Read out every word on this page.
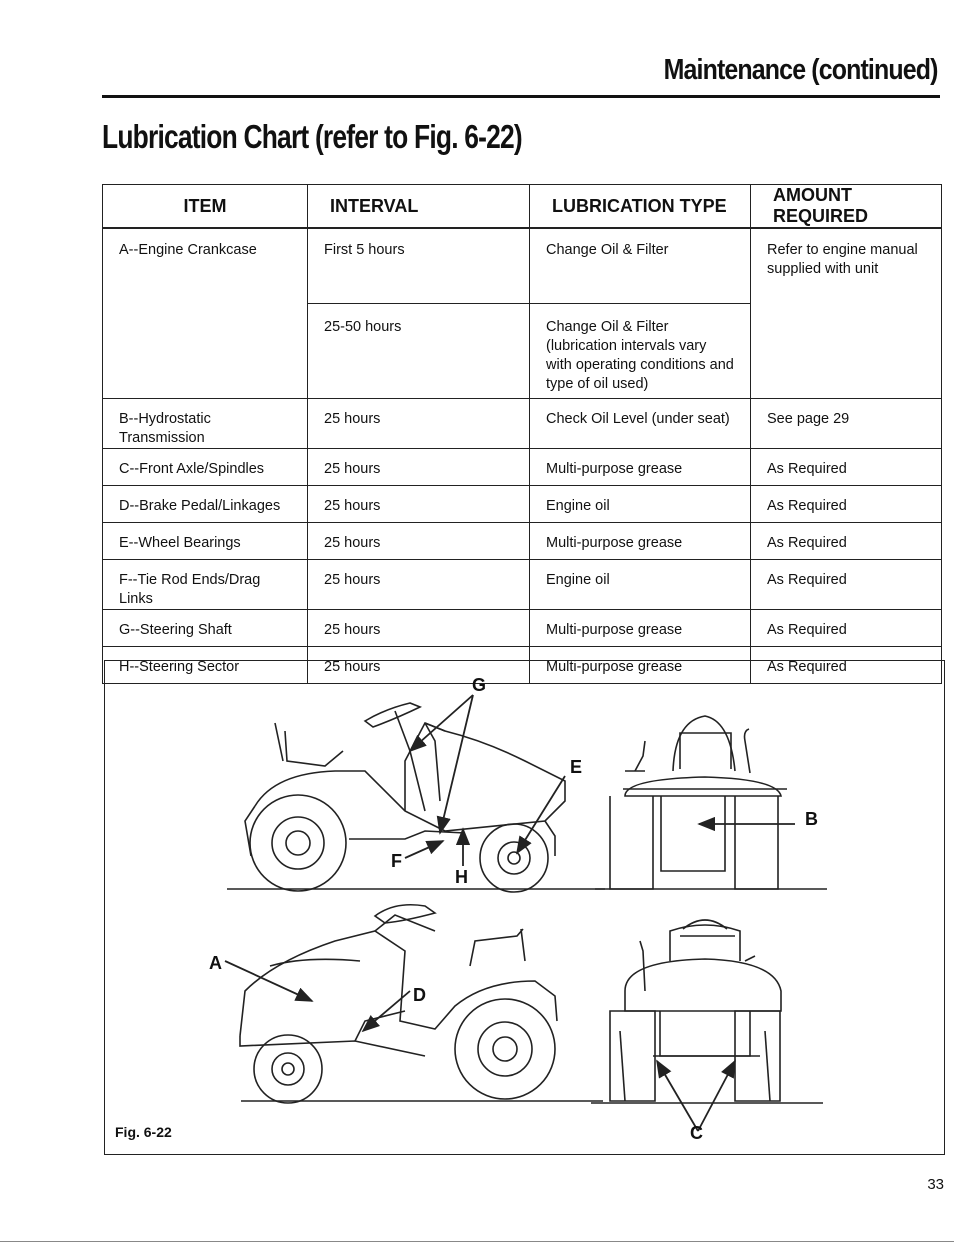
Maintenance (continued)
Lubrication Chart (refer to Fig. 6-22)
ITEM	INTERVAL	LUBRICATION TYPE	AMOUNT REQUIRED
A--Engine Crankcase	First 5 hours	Change Oil & Filter	Refer to engine manual supplied with unit
	25-50 hours	Change Oil & Filter (lubrication intervals vary with operating conditions and type of oil used)	
B--Hydrostatic Transmission	25 hours	Check Oil Level (under seat)	See page 29
C--Front Axle/Spindles	25 hours	Multi-purpose grease	As Required
D--Brake Pedal/Linkages	25 hours	Engine oil	As Required
E--Wheel Bearings	25 hours	Multi-purpose grease	As Required
F--Tie Rod Ends/Drag Links	25 hours	Engine oil	As Required
G--Steering Shaft	25 hours	Multi-purpose grease	As Required
H--Steering Sector	25 hours	Multi-purpose grease	As Required
G
E
B
F
H
A
D
C
Fig. 6-22
33
